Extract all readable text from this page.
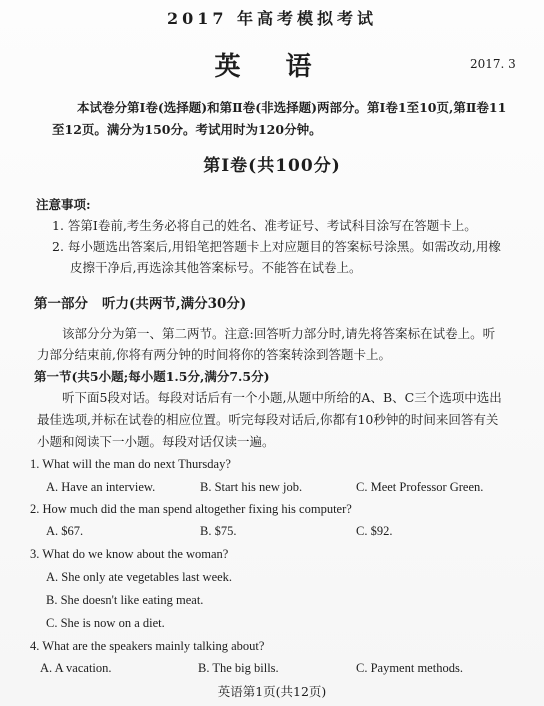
2017 年高考模拟考试
英 语	2017. 3
本试卷分第Ⅰ卷(选择题)和第Ⅱ卷(非选择题)两部分。第Ⅰ卷1至10页,第Ⅱ卷11至12页。满分为150分。考试用时为120分钟。
第Ⅰ卷(共100分)
注意事项:
1. 答第Ⅰ卷前,考生务必将自己的姓名、准考证号、考试科目涂写在答题卡上。
2. 每小题选出答案后,用铅笔把答题卡上对应题目的答案标号涂黑。如需改动,用橡皮擦干净后,再选涂其他答案标号。不能答在试卷上。
第一部分 听力(共两节,满分30分)
该部分分为第一、第二两节。注意:回答听力部分时,请先将答案标在试卷上。听力部分结束前,你将有两分钟的时间将你的答案转涂到答题卡上。
第一节(共5小题;每小题1.5分,满分7.5分)
听下面5段对话。每段对话后有一个小题,从题中所给的A、B、C三个选项中选出最佳选项,并标在试卷的相应位置。听完每段对话后,你都有10秒钟的时间来回答有关小题和阅读下一小题。每段对话仅读一遍。
1. What will the man do next Thursday?
A. Have an interview.	B. Start his new job.	C. Meet Professor Green.
2. How much did the man spend altogether fixing his computer?
A. $67.	B. $75.	C. $92.
3. What do we know about the woman?
A. She only ate vegetables last week.
B. She doesn't like eating meat.
C. She is now on a diet.
4. What are the speakers mainly talking about?
A. A vacation.	B. The big bills.	C. Payment methods.
英语第1页(共12页)
